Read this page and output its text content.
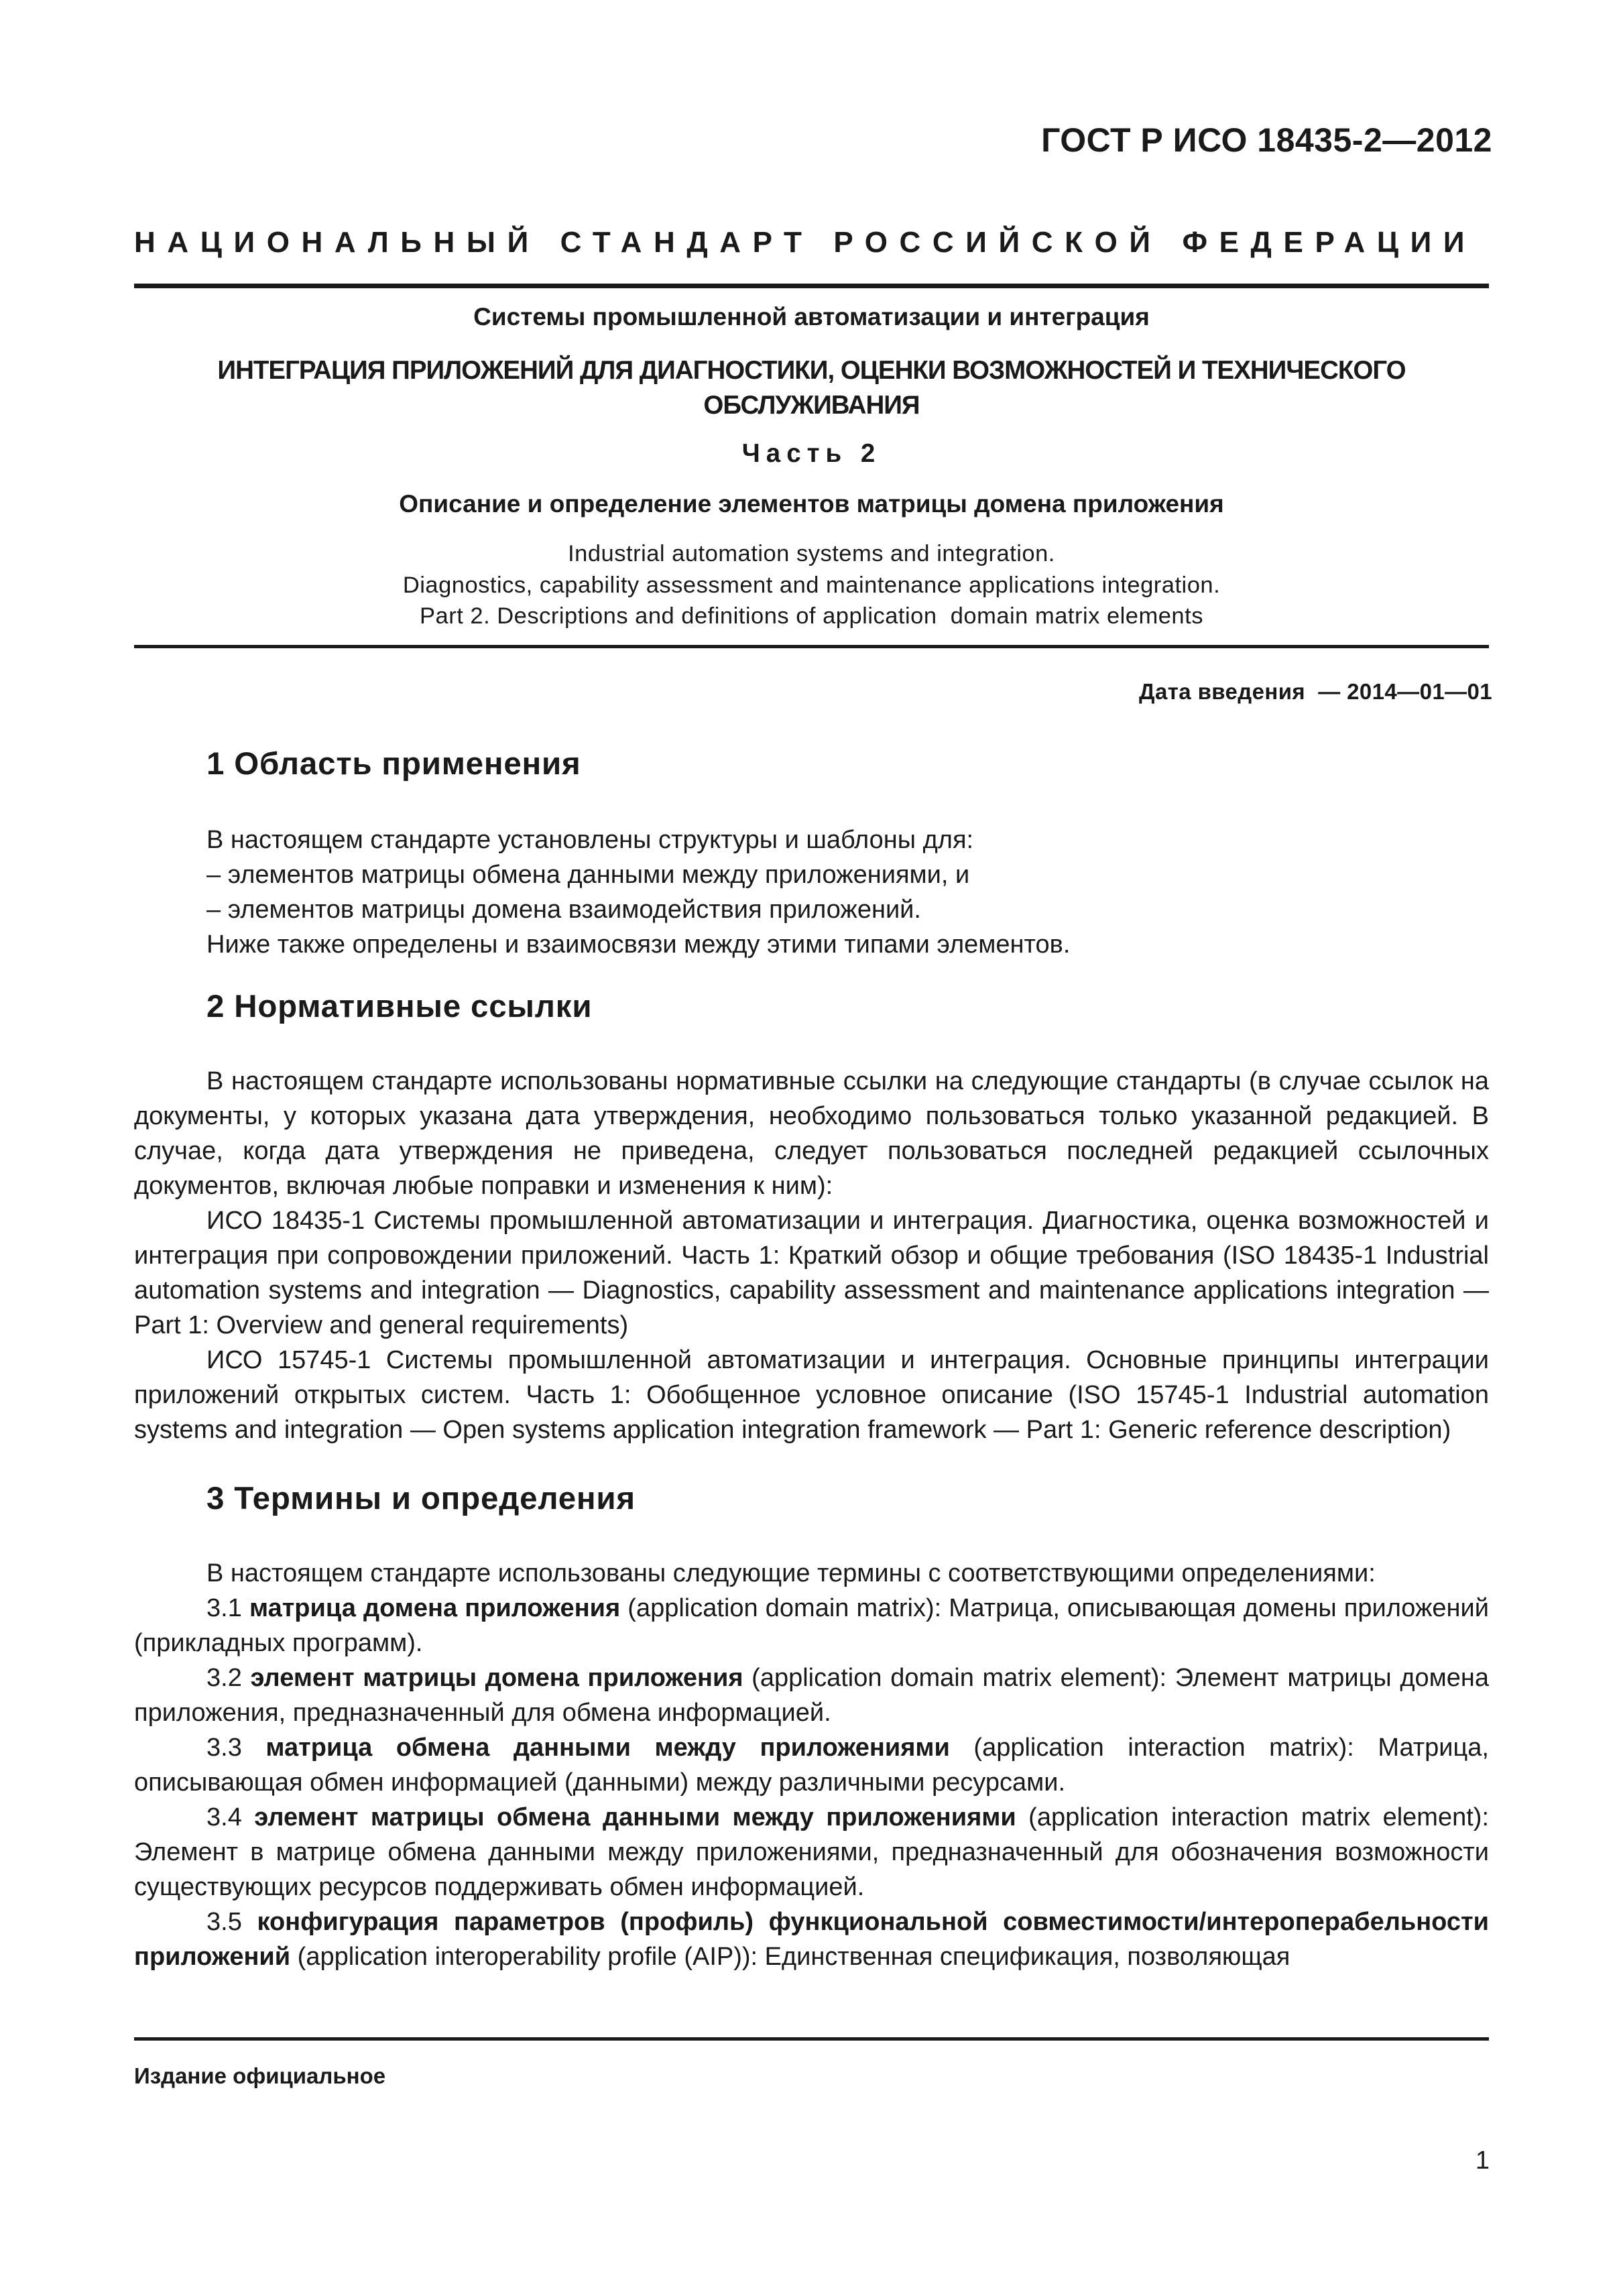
ГОСТ Р ИСО 18435-2—2012
НАЦИОНАЛЬНЫЙ СТАНДАРТ РОССИЙСКОЙ ФЕДЕРАЦИИ
Системы промышленной автоматизации и интеграция
ИНТЕГРАЦИЯ ПРИЛОЖЕНИЙ ДЛЯ ДИАГНОСТИКИ, ОЦЕНКИ ВОЗМОЖНОСТЕЙ И ТЕХНИЧЕСКОГО ОБСЛУЖИВАНИЯ
Часть 2
Описание и определение элементов матрицы домена приложения
Industrial automation systems and integration.
Diagnostics, capability assessment and maintenance applications integration.
Part 2. Descriptions and definitions of application  domain matrix elements
Дата введения  — 2014—01—01
1 Область применения

В настоящем стандарте установлены структуры и шаблоны для:

– элементов матрицы обмена данными между приложениями, и

– элементов матрицы домена взаимодействия приложений.

Ниже также определены и взаимосвязи между этими типами элементов.

2 Нормативные ссылки

В настоящем стандарте использованы нормативные ссылки на следующие стандарты (в случае ссылок на документы, у которых указана дата утверждения, необходимо пользоваться только указанной редакцией. В случае, когда дата утверждения не приведена, следует пользоваться последней редакцией ссылочных документов, включая любые поправки и изменения к ним):

ИСО 18435-1 Системы промышленной автоматизации и интеграция. Диагностика, оценка возможностей и интеграция при сопровождении приложений. Часть 1: Краткий обзор и общие требования (ISO 18435-1 Industrial automation systems and integration — Diagnostics, capability assessment and maintenance applications integration — Part 1: Overview and general requirements)

ИСО 15745-1 Системы промышленной автоматизации и интеграция. Основные принципы интеграции приложений открытых систем. Часть 1: Обобщенное условное описание (ISO 15745-1 Industrial automation systems and integration — Open systems application integration framework — Part 1: Generic reference description)

3 Термины и определения

В настоящем стандарте использованы следующие термины с соответствующими определениями:

3.1 матрица домена приложения (application domain matrix): Матрица, описывающая домены приложений (прикладных программ).

3.2 элемент матрицы домена приложения (application domain matrix element): Элемент матрицы домена приложения, предназначенный для обмена информацией.

3.3 матрица обмена данными между приложениями (application interaction matrix): Матрица, описывающая обмен информацией (данными) между различными ресурсами.

3.4 элемент матрицы обмена данными между приложениями (application interaction matrix element): Элемент в матрице обмена данными между приложениями, предназначенный для обозначения возможности существующих ресурсов поддерживать обмен информацией.

3.5 конфигурация параметров (профиль) функциональной совместимости/интероперабельности приложений (application interoperability profile (AIP)): Единственная спецификация, позволяющая

Издание официальное
1
